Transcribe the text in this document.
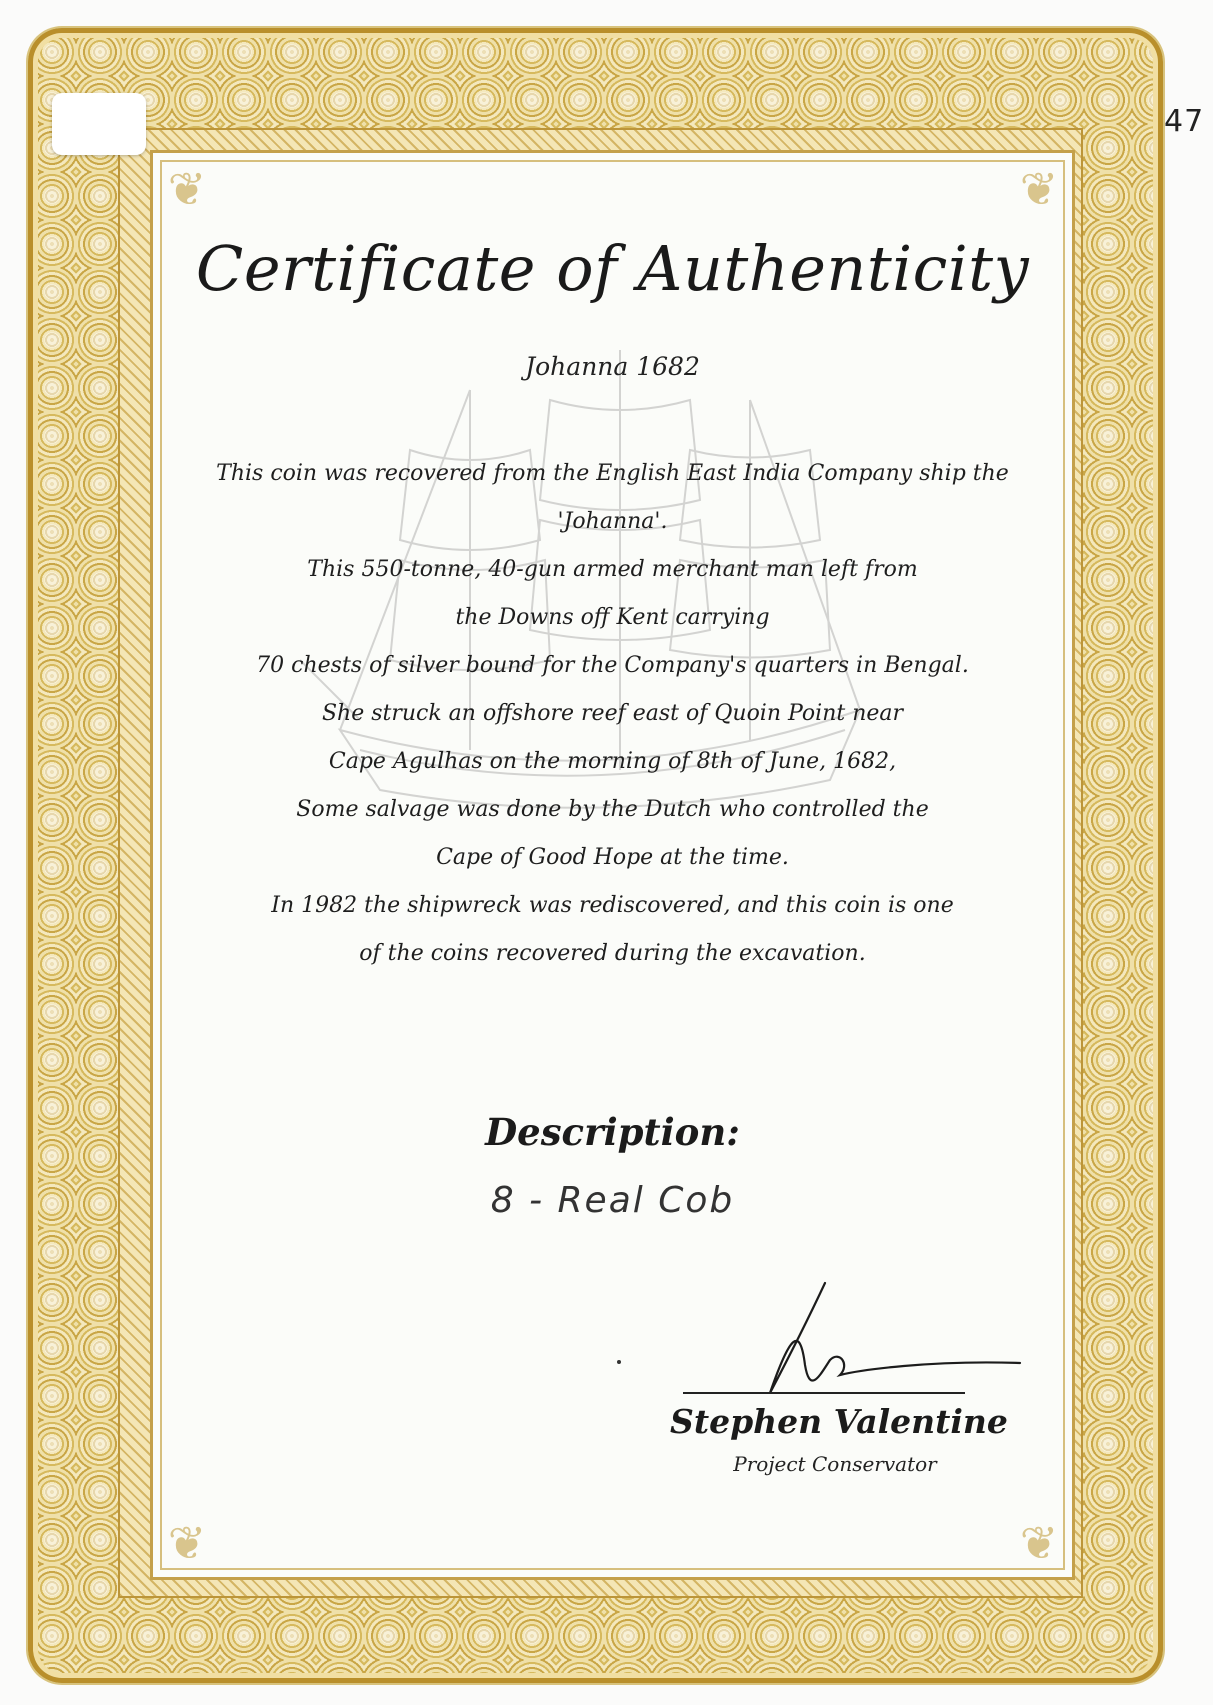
❦	❦
❦	❦
47
Certificate of Authenticity
Johanna 1682
This coin was recovered from the English East India Company ship the
'Johanna'.
This 550-tonne, 40-gun armed merchant man left from
the Downs off Kent carrying
70 chests of silver bound for the Company's quarters in Bengal.
She struck an offshore reef east of Quoin Point near
Cape Agulhas on the morning of 8th of June, 1682,
Some salvage was done by the Dutch who controlled the
Cape of Good Hope at the time.
In 1982 the shipwreck was rediscovered, and this coin is one
of the coins recovered during the excavation.
Description:
8 - Real Cob
Stephen Valentine
Project Conservator
